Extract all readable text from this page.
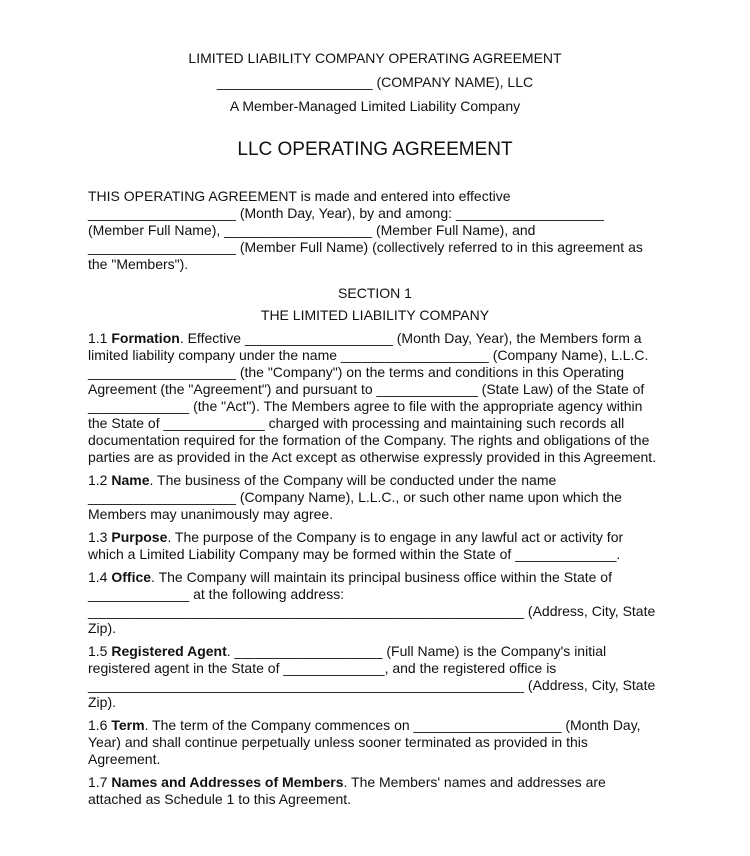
LIMITED LIABILITY COMPANY OPERATING AGREEMENT
____________________ (COMPANY NAME), LLC
A Member-Managed Limited Liability Company
LLC OPERATING AGREEMENT
THIS OPERATING AGREEMENT is made and entered into effective ___________________ (Month Day, Year), by and among: ___________________ (Member Full Name), ___________________ (Member Full Name), and ___________________ (Member Full Name) (collectively referred to in this agreement as the "Members").
SECTION 1
THE LIMITED LIABILITY COMPANY

1.1 Formation. Effective ___________________ (Month Day, Year), the Members form a limited liability company under the name ___________________ (Company Name), L.L.C. ___________________ (the "Company") on the terms and conditions in this Operating Agreement (the "Agreement") and pursuant to _____________ (State Law) of the State of _____________ (the "Act"). The Members agree to file with the appropriate agency within the State of _____________ charged with processing and maintaining such records all documentation required for the formation of the Company. The rights and obligations of the parties are as provided in the Act except as otherwise expressly provided in this Agreement.

1.2 Name. The business of the Company will be conducted under the name ___________________ (Company Name), L.L.C., or such other name upon which the Members may unanimously may agree.

1.3 Purpose. The purpose of the Company is to engage in any lawful act or activity for which a Limited Liability Company may be formed within the State of _____________.

1.4 Office. The Company will maintain its principal business office within the State of _____________ at the following address: ________________________________________________________ (Address, City, State Zip).

1.5 Registered Agent. ___________________ (Full Name) is the Company's initial registered agent in the State of _____________, and the registered office is ________________________________________________________ (Address, City, State Zip).

1.6 Term. The term of the Company commences on ___________________ (Month Day, Year) and shall continue perpetually unless sooner terminated as provided in this Agreement.

1.7 Names and Addresses of Members. The Members' names and addresses are attached as Schedule 1 to this Agreement.
